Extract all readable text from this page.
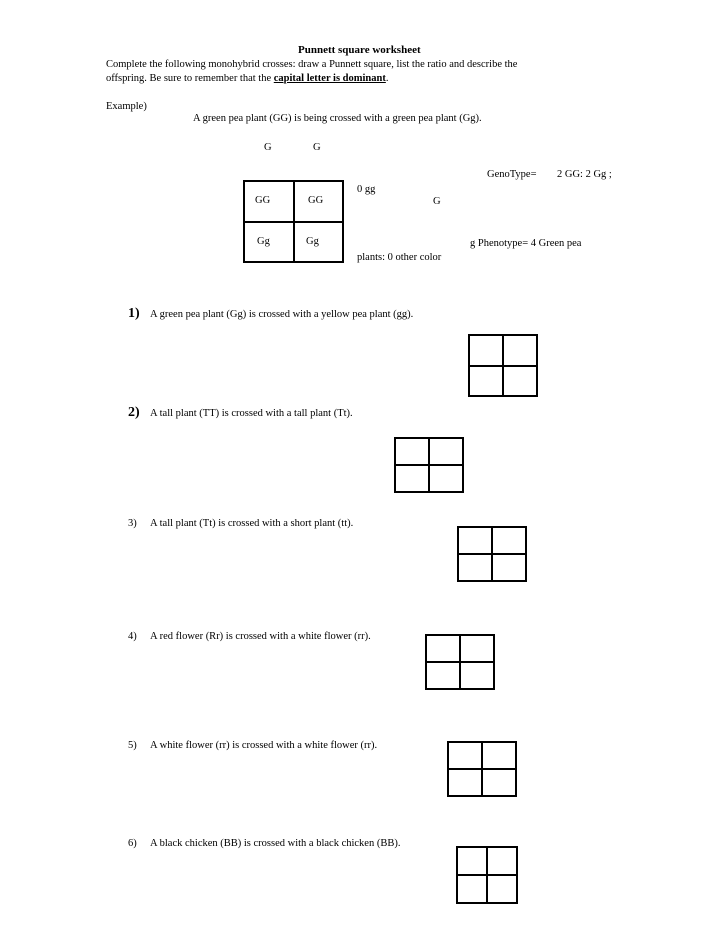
Punnett square worksheet
Complete the following monohybrid crosses: draw a Punnett square, list the ratio and describe the
offspring. Be sure to remember that the capital letter is dominant.
Example)
A green pea plant (GG) is being crossed with a green pea plant (Gg).
G	G
GenoType= 2 GG: 2 Gg ;
0 gg
G
GG	GG
Gg	Gg	g Phenotype= 4 Green pea
plants: 0 other color
1) A green pea plant (Gg) is crossed with a yellow pea plant (gg).
2) A tall plant (TT) is crossed with a tall plant (Tt).
3) A tall plant (Tt) is crossed with a short plant (tt).
4) A red flower (Rr) is crossed with a white flower (rr).
5) A white flower (rr) is crossed with a white flower (rr).
6) A black chicken (BB) is crossed with a black chicken (BB).
